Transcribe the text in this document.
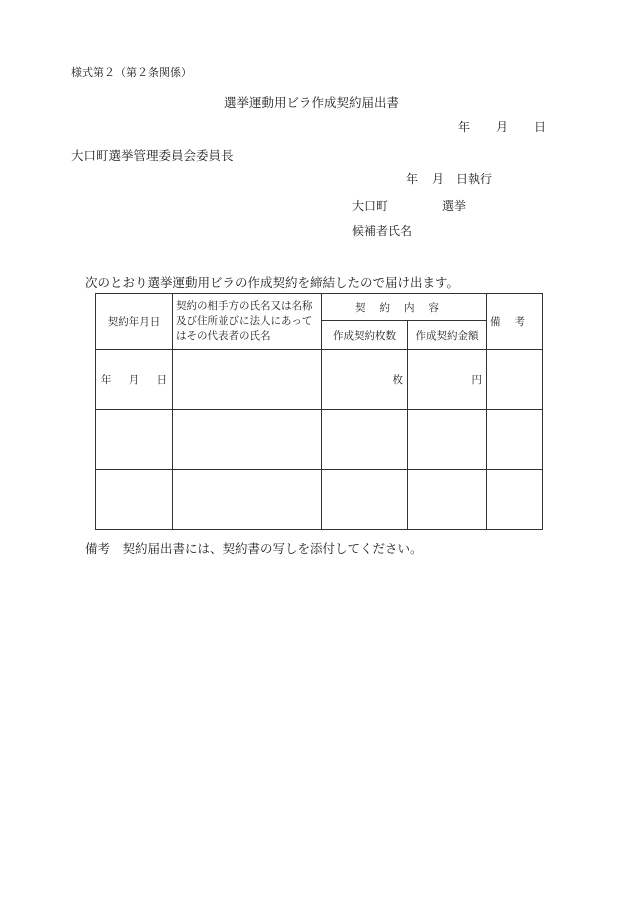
様式第２（第２条関係）
選挙運動用ビラ作成契約届出書
年 月 日
大口町選挙管理委員会委員長
年 月 日執行
大口町	選挙
候補者氏名
次のとおり選挙運動用ビラの作成契約を締結したので届け出ます。
契約年月日	契約の相手方の氏名又は名称及び住所並びに法人にあってはその代表者の氏名	契約内容		備考
		作成契約枚数	作成契約金額	
年 月 日		枚	円	

備考　契約届出書には、契約書の写しを添付してください。
